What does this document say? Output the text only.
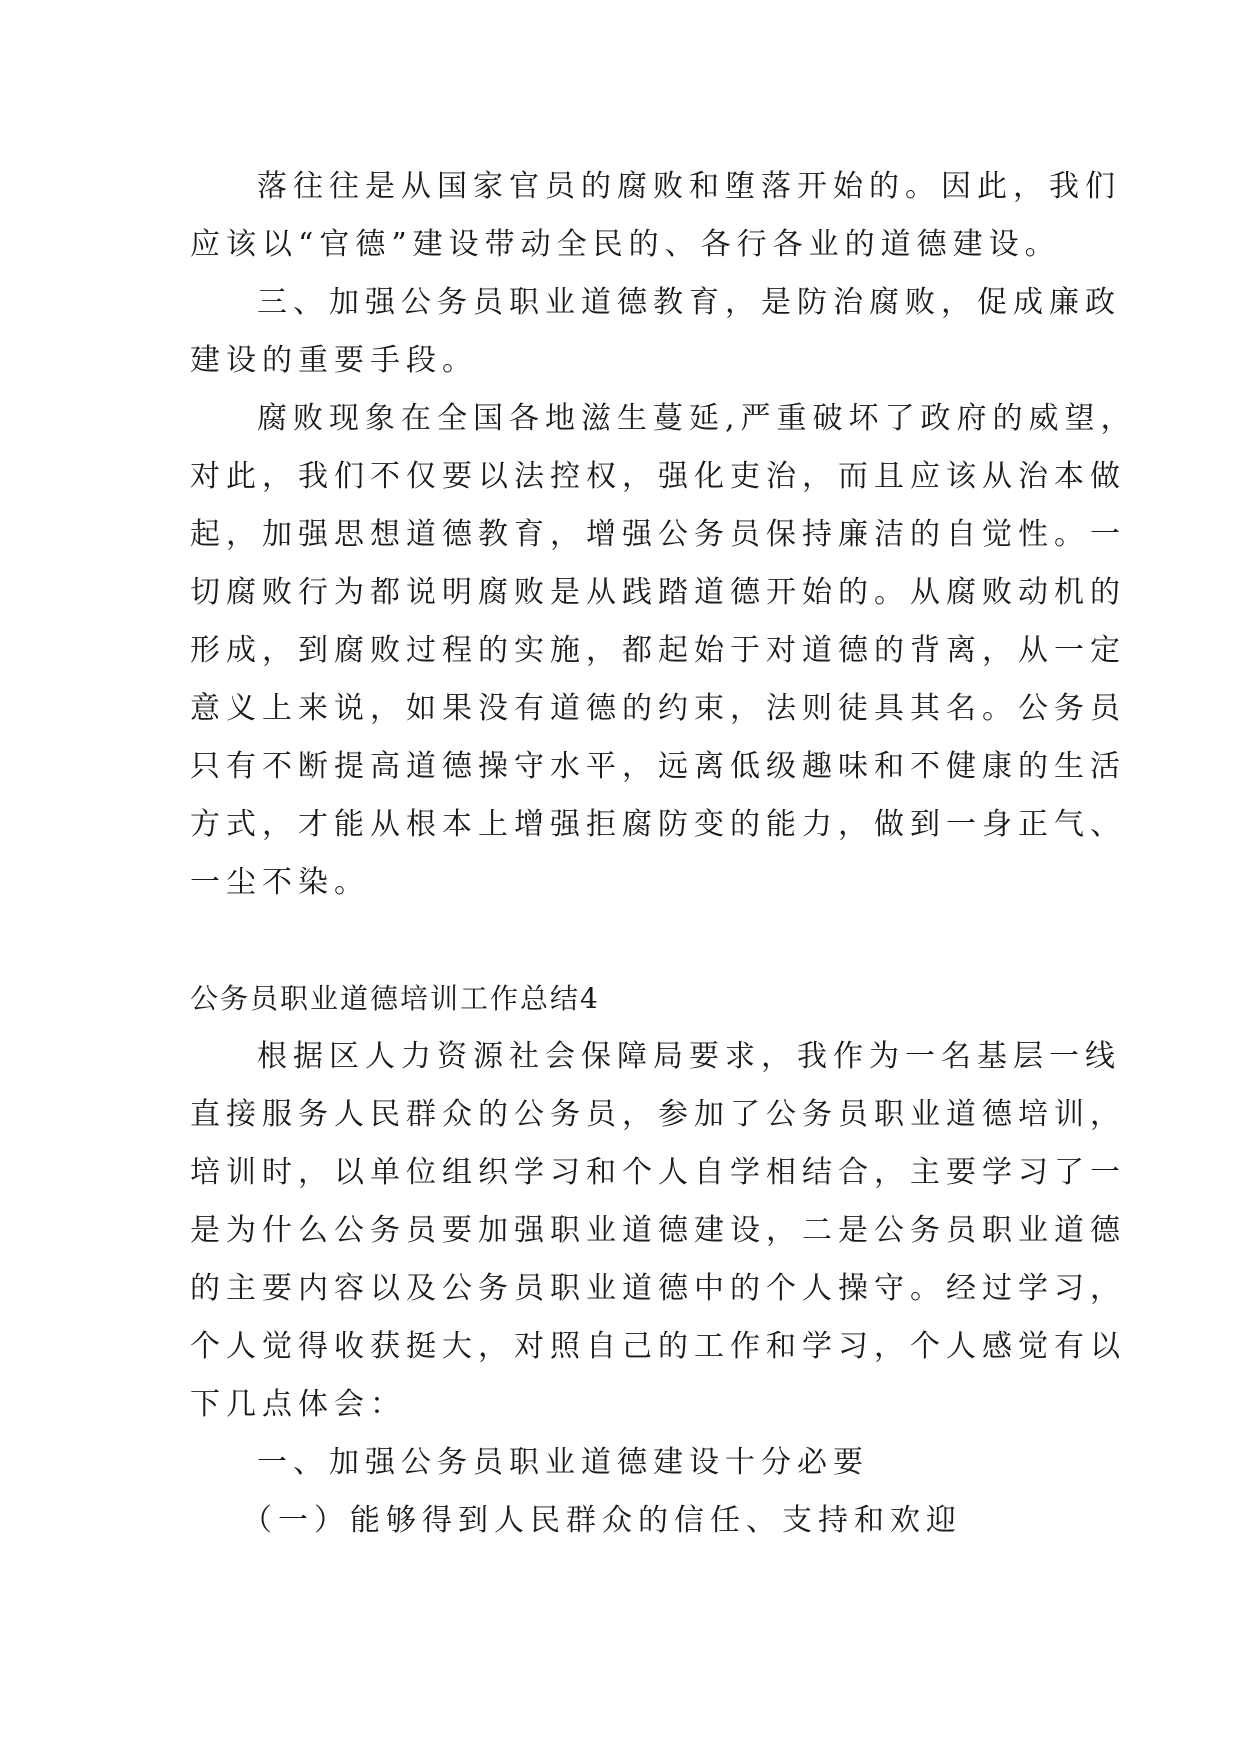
落往往是从国家官员的腐败和堕落开始的。因此，我们
应该以“官德”建设带动全民的、各行各业的道德建设。
三、加强公务员职业道德教育，是防治腐败，促成廉政
建设的重要手段。
腐败现象在全国各地滋生蔓延,严重破坏了政府的威望，
对此，我们不仅要以法控权，强化吏治，而且应该从治本做
起，加强思想道德教育，增强公务员保持廉洁的自觉性。一
切腐败行为都说明腐败是从践踏道德开始的。从腐败动机的
形成，到腐败过程的实施，都起始于对道德的背离，从一定
意义上来说，如果没有道德的约束，法则徒具其名。公务员
只有不断提高道德操守水平，远离低级趣味和不健康的生活
方式，才能从根本上增强拒腐防变的能力，做到一身正气、
一尘不染。
公务员职业道德培训工作总结4
根据区人力资源社会保障局要求，我作为一名基层一线
直接服务人民群众的公务员，参加了公务员职业道德培训，
培训时，以单位组织学习和个人自学相结合，主要学习了一
是为什么公务员要加强职业道德建设，二是公务员职业道德
的主要内容以及公务员职业道德中的个人操守。经过学习，
个人觉得收获挺大，对照自己的工作和学习，个人感觉有以
下几点体会：
一、加强公务员职业道德建设十分必要
（一）能够得到人民群众的信任、支持和欢迎
